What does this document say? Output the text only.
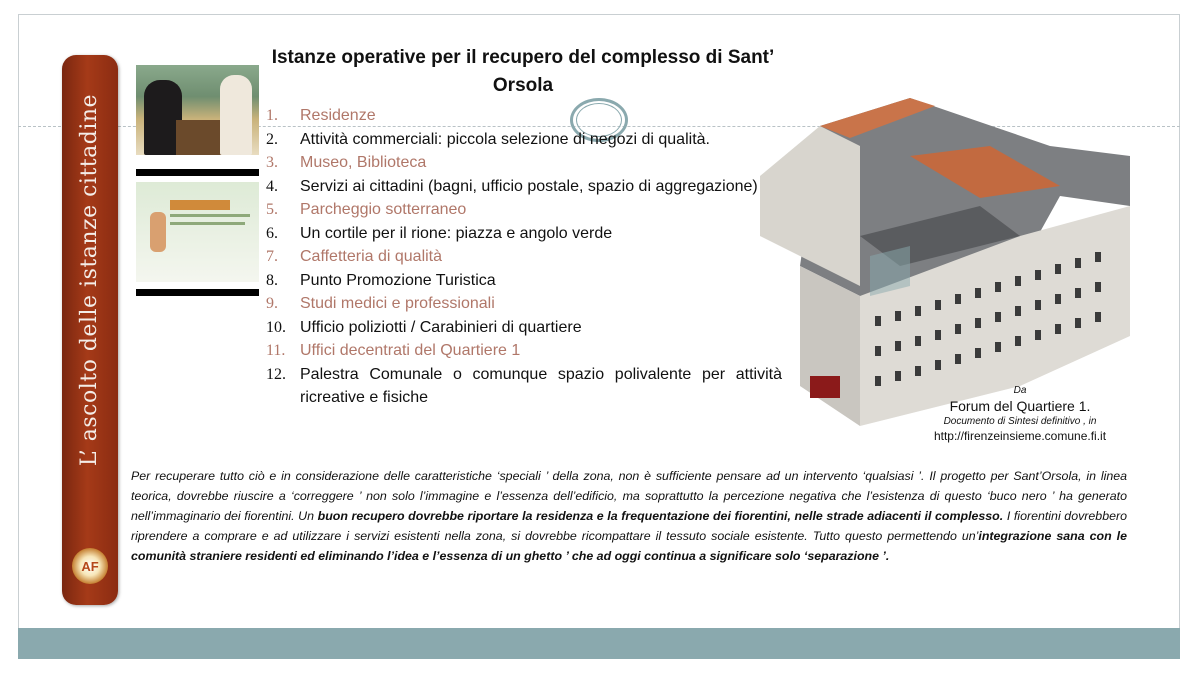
L’ ascolto delle istanze cittadine
AF
Istanze operative per il recupero del complesso di Sant’ Orsola
1. Residenze
2. Attività commerciali: piccola selezione di negozi di qualità.
3. Museo, Biblioteca
4. Servizi ai cittadini (bagni, ufficio postale, spazio di aggregazione)
5. Parcheggio sotterraneo
6. Un cortile per il rione: piazza e angolo verde
7. Caffetteria di qualità
8. Punto Promozione Turistica
9. Studi medici e professionali
10. Ufficio poliziotti / Carabinieri di quartiere
11. Uffici decentrati del Quartiere 1
12. Palestra Comunale o comunque spazio polivalente per attività ricreative e fisiche	Da
Forum del Quartiere 1.
Documento di Sintesi definitivo , in
http://firenzeinsieme.comune.fi.it
Per recuperare tutto ciò e in considerazione delle caratteristiche ‘speciali ’ della zona, non è sufficiente pensare ad un intervento ‘qualsiasi ’. Il progetto per Sant’Orsola, in linea teorica, dovrebbe riuscire a ‘correggere ’ non solo l’immagine e l’essenza dell’edificio, ma soprattutto la percezione negativa che l’esistenza di questo ‘buco nero ’ ha generato nell’immaginario dei fiorentini. Un buon recupero dovrebbe riportare la residenza e la frequentazione dei fiorentini, nelle strade adiacenti il complesso. I fiorentini dovrebbero riprendere a comprare e ad utilizzare i servizi esistenti nella zona, si dovrebbe ricompattare il tessuto sociale esistente. Tutto questo permettendo un’integrazione sana con le comunità straniere residenti ed eliminando l’idea e l’essenza di un ghetto ’ che ad oggi continua a significare solo ‘separazione ’.
